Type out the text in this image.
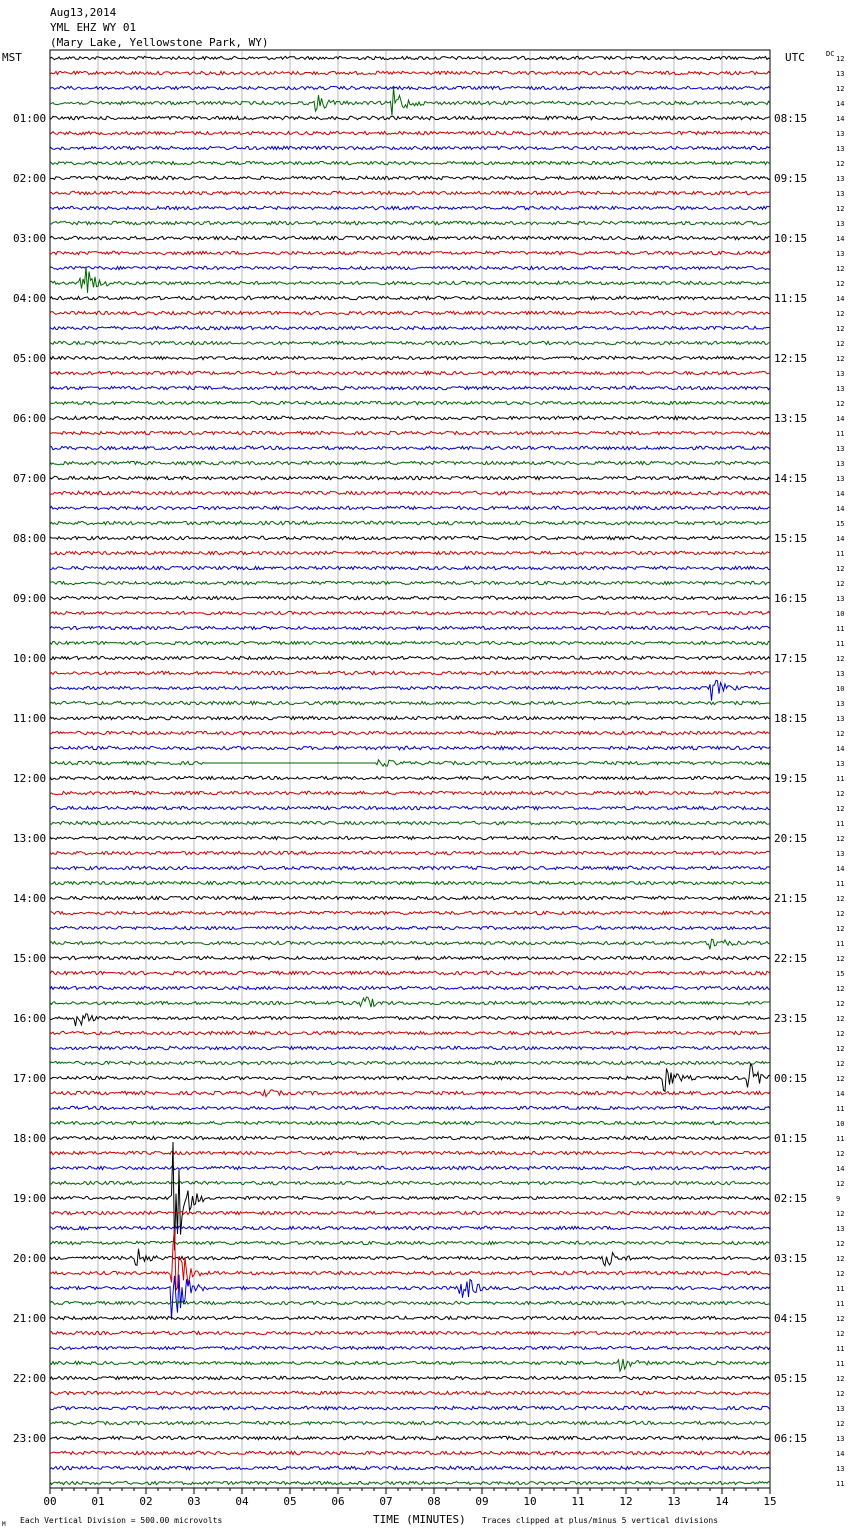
Aug13,2014
YML EHZ WY 01
(Mary Lake, Yellowstone Park, WY)
MST	UTC	DC
01:00
02:00
03:00
04:00
05:00
06:00
07:00
08:00
09:00
10:00
11:00
12:00
13:00
14:00
15:00
16:00
17:00
18:00
19:00
20:00
21:00
22:00
23:00
08:15
09:15
10:15
11:15
12:15
13:15
14:15
15:15
16:15
17:15
18:15
19:15
20:15
21:15
22:15
23:15
00:15
01:15
02:15
03:15
04:15
05:15
06:15
12
13
12
14
14
13
13
12
13
13
12
13
14
13
12
12
14
12
12
12
12
13
13
12
14
11
13
13
13
14
14
15
14
11
12
12
13
10
11
11
12
13
10
13
13
12
14
13
11
12
12
11
12
13
14
11
12
12
12
11
12
15
12
12
12
12
12
12
12
14
11
10
11
12
14
12
9
12
13
12
12
12
11
11
12
12
11
11
12
12
13
12
13
14
13
11
00	01	02	03	04	05	06	07	08	09	10	11	12	13	14	15
TIME (MINUTES)
Each Vertical Division = 500.00 microvolts	Traces clipped at plus/minus 5 vertical divisions
M
